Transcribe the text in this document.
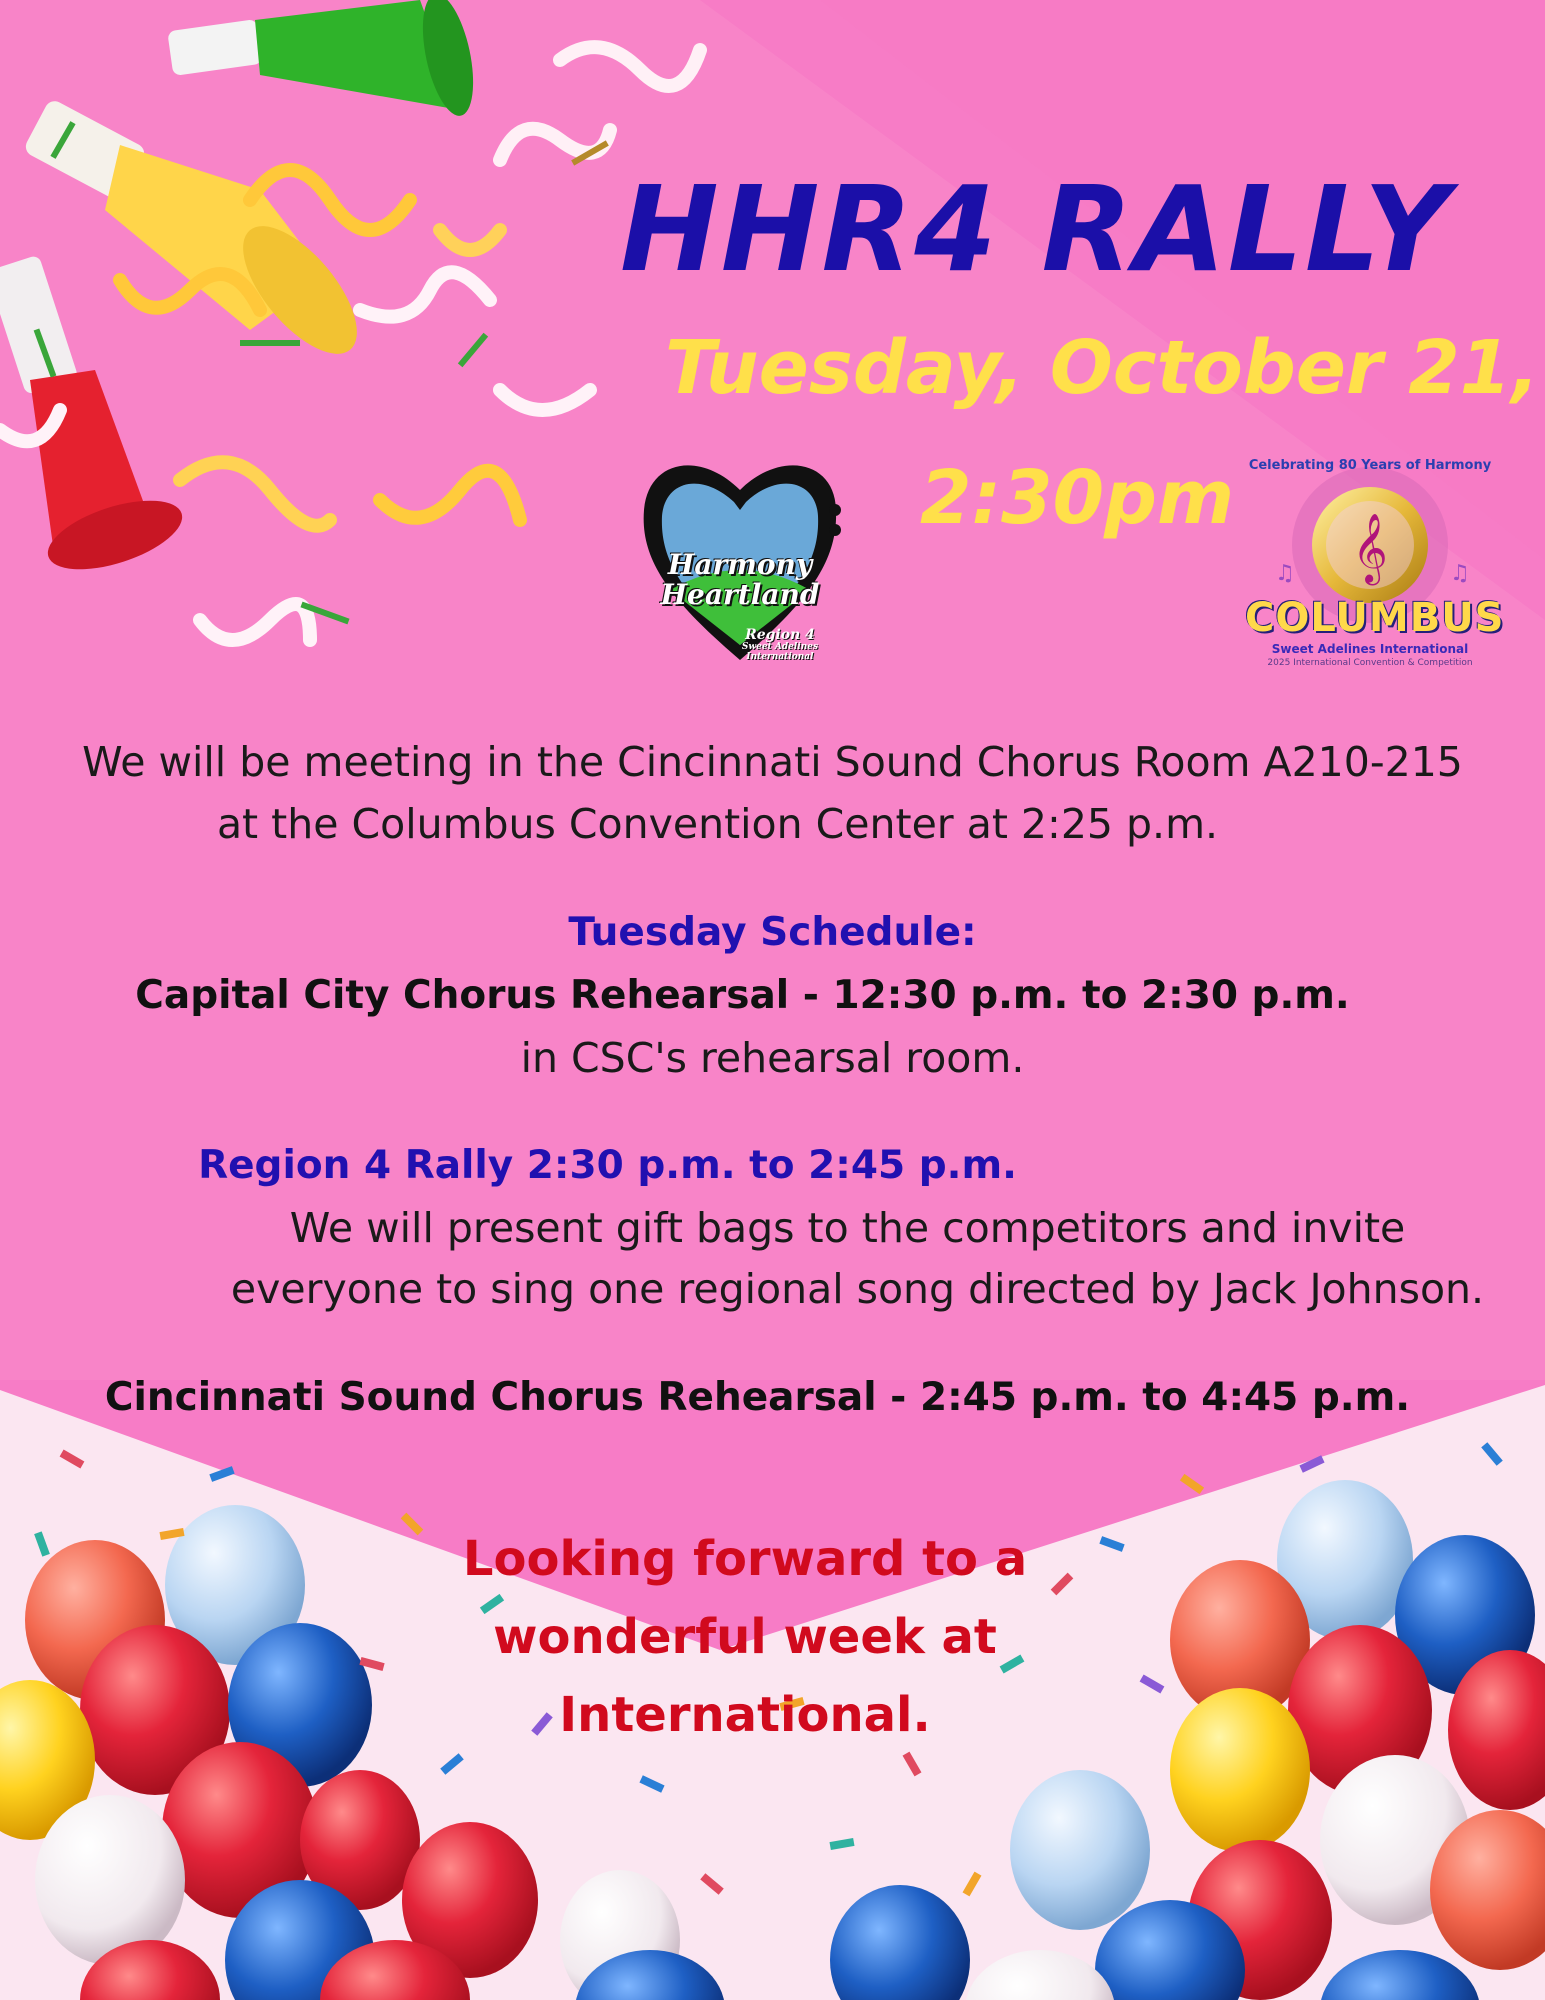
HHR4 RALLY
Tuesday, October 21,
2:30pm
Harmony
Heartland
Region 4
Sweet Adelines
International
𝄞
♫	♫
Celebrating 80 Years of Harmony
COLUMBUS
Sweet Adelines International
2025 International Convention & Competition
We will be meeting in the Cincinnati Sound Chorus Room A210-215
at the Columbus Convention Center at 2:25 p.m.
Tuesday Schedule:
Capital City Chorus Rehearsal - 12:30 p.m. to 2:30 p.m.
in CSC's rehearsal room.
Region 4 Rally 2:30 p.m. to 2:45 p.m.
We will present gift bags to the competitors and invite
everyone to sing one regional song directed by Jack Johnson.
Cincinnati Sound Chorus Rehearsal - 2:45 p.m. to 4:45 p.m.
Looking forward to a
wonderful week at
International.
